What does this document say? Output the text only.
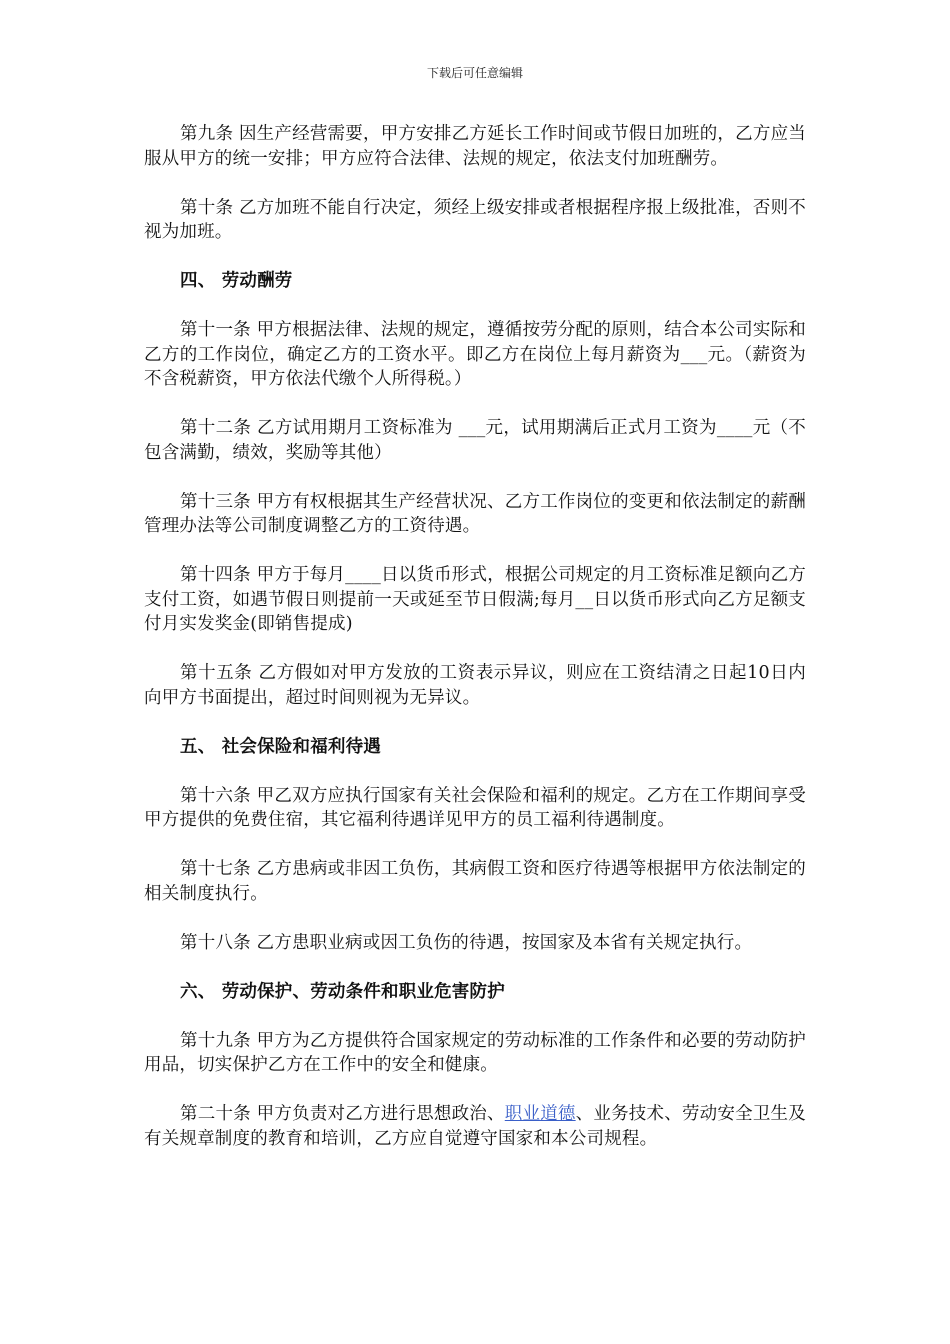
下载后可任意编辑

第九条 因生产经营需要，甲方安排乙方延长工作时间或节假日加班的，乙方应当服从甲方的统一安排；甲方应符合法律、法规的规定，依法支付加班酬劳。

第十条 乙方加班不能自行决定，须经上级安排或者根据程序报上级批准，否则不视为加班。

四、 劳动酬劳

第十一条 甲方根据法律、法规的规定，遵循按劳分配的原则，结合本公司实际和乙方的工作岗位，确定乙方的工资水平。即乙方在岗位上每月薪资为___元。（薪资为不含税薪资，甲方依法代缴个人所得税。）

第十二条 乙方试用期月工资标准为 ___元，试用期满后正式月工资为____元（不包含满勤，绩效，奖励等其他）

第十三条 甲方有权根据其生产经营状况、乙方工作岗位的变更和依法制定的薪酬管理办法等公司制度调整乙方的工资待遇。

第十四条 甲方于每月____日以货币形式，根据公司规定的月工资标准足额向乙方支付工资，如遇节假日则提前一天或延至节日假满;每月__日以货币形式向乙方足额支付月实发奖金(即销售提成)

第十五条 乙方假如对甲方发放的工资表示异议，则应在工资结清之日起10日内向甲方书面提出，超过时间则视为无异议。

五、 社会保险和福利待遇

第十六条 甲乙双方应执行国家有关社会保险和福利的规定。乙方在工作期间享受甲方提供的免费住宿，其它福利待遇详见甲方的员工福利待遇制度。

第十七条 乙方患病或非因工负伤，其病假工资和医疗待遇等根据甲方依法制定的相关制度执行。

第十八条 乙方患职业病或因工负伤的待遇，按国家及本省有关规定执行。

六、 劳动保护、劳动条件和职业危害防护

第十九条 甲方为乙方提供符合国家规定的劳动标准的工作条件和必要的劳动防护用品，切实保护乙方在工作中的安全和健康。

第二十条 甲方负责对乙方进行思想政治、职业道德、业务技术、劳动安全卫生及有关规章制度的教育和培训，乙方应自觉遵守国家和本公司规程。
